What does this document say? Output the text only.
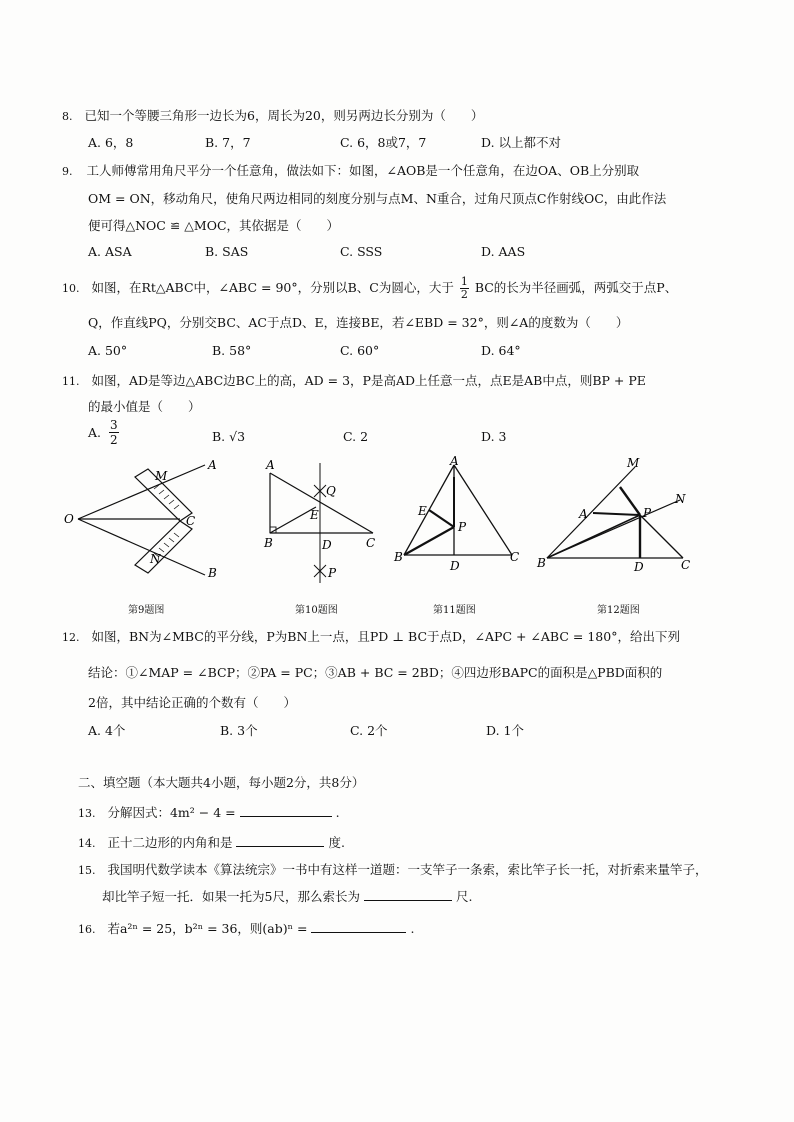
8. 已知一个等腰三角形一边长为6，周长为20，则另两边长分别为（　　）
A. 6，8	B. 7，7	C. 6，8或7，7	D. 以上都不对
9. 工人师傅常用角尺平分一个任意角，做法如下：如图，∠AOB是一个任意角，在边OA、OB上分别取
OM = ON，移动角尺，使角尺两边相同的刻度分别与点M、N重合，过角尺顶点C作射线OC，由此作法
便可得△NOC ≌ △MOC，其依据是（　　）
A. ASA	B. SAS	C. SSS	D. AAS
10. 如图，在Rt△ABC中，∠ABC = 90°，分别以B、C为圆心，大于 $\frac{1}{2}$ BC的长为半径画弧，两弧交于点P、
Q，作直线PQ，分别交BC、AC于点D、E，连接BE，若∠EBD = 32°，则∠A的度数为（　　）
A. 50°	B. 58°	C. 60°	D. 64°
11. 如图，AD是等边△ABC边BC上的高，AD = 3，P是高AD上任意一点，点E是AB中点，则BP + PE
的最小值是（　　）
A. $\frac{3}{2}$	B. √3	C. 2	D. 3
O
M
A
C
N
B
第9题图
A
Q
E
B	D	C
P
第10题图
A
E
P
B
D
C
第11题图
M
N
A	P
B	D	C
第12题图
12. 如图，BN为∠MBC的平分线，P为BN上一点，且PD ⊥ BC于点D，∠APC + ∠ABC = 180°，给出下列
结论：①∠MAP = ∠BCP；②PA = PC；③AB + BC = 2BD；④四边形BAPC的面积是△PBD面积的
2倍，其中结论正确的个数有（　　）
A. 4个	B. 3个	C. 2个	D. 1个
二、填空题（本大题共4小题，每小题2分，共8分）
13. 分解因式：4m² − 4 =	.
14. 正十二边形的内角和是	度.
15. 我国明代数学读本《算法统宗》一书中有这样一道题：一支竿子一条索，索比竿子长一托，对折索来量竿子，
却比竿子短一托．如果一托为5尺，那么索长为	尺.
16. 若a²ⁿ = 25，b²ⁿ = 36，则(ab)ⁿ =	.
